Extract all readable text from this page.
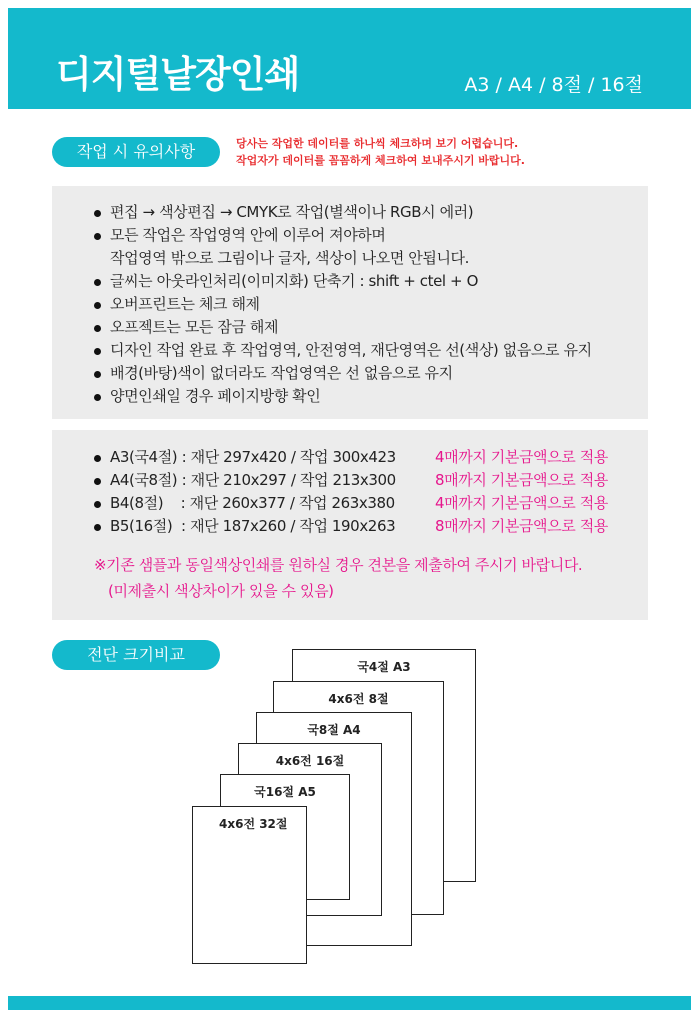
디지털낱장인쇄	A3 / A4 / 8절 / 16절
작업 시 유의사항	당사는 작업한 데이터를 하나씩 체크하며 보기 어렵습니다.
작업자가 데이터를 꼼꼼하게 체크하여 보내주시기 바랍니다.
편집 → 색상편집 → CMYK로 작업(별색이나 RGB시 에러)
모든 작업은 작업영역 안에 이루어 져야하며
작업영역 밖으로 그림이나 글자, 색상이 나오면 안됩니다.
글씨는 아웃라인처리(이미지화) 단축기 : shift + ctel + O
오버프린트는 체크 해제
오프젝트는 모든 잠금 해제
디자인 작업 완료 후 작업영역, 안전영역, 재단영역은 선(색상) 없음으로 유지
배경(바탕)색이 없더라도 작업영역은 선 없음으로 유지
양면인쇄일 경우 페이지방향 확인
A3(국4절) : 재단 297x420 / 작업 300x423	4매까지 기본금액으로 적용
A4(국8절) : 재단 210x297 / 작업 213x300	8매까지 기본금액으로 적용
B4(8절)    : 재단 260x377 / 작업 263x380	4매까지 기본금액으로 적용
B5(16절)  : 재단 187x260 / 작업 190x263	8매까지 기본금액으로 적용
※기존 샘플과 동일색상인쇄를 원하실 경우 견본을 제출하여 주시기 바랍니다.
(미제출시 색상차이가 있을 수 있음)
전단 크기비교
국4절 A3
4x6전 8절
국8절 A4
4x6전 16절
국16절 A5
4x6전 32절
